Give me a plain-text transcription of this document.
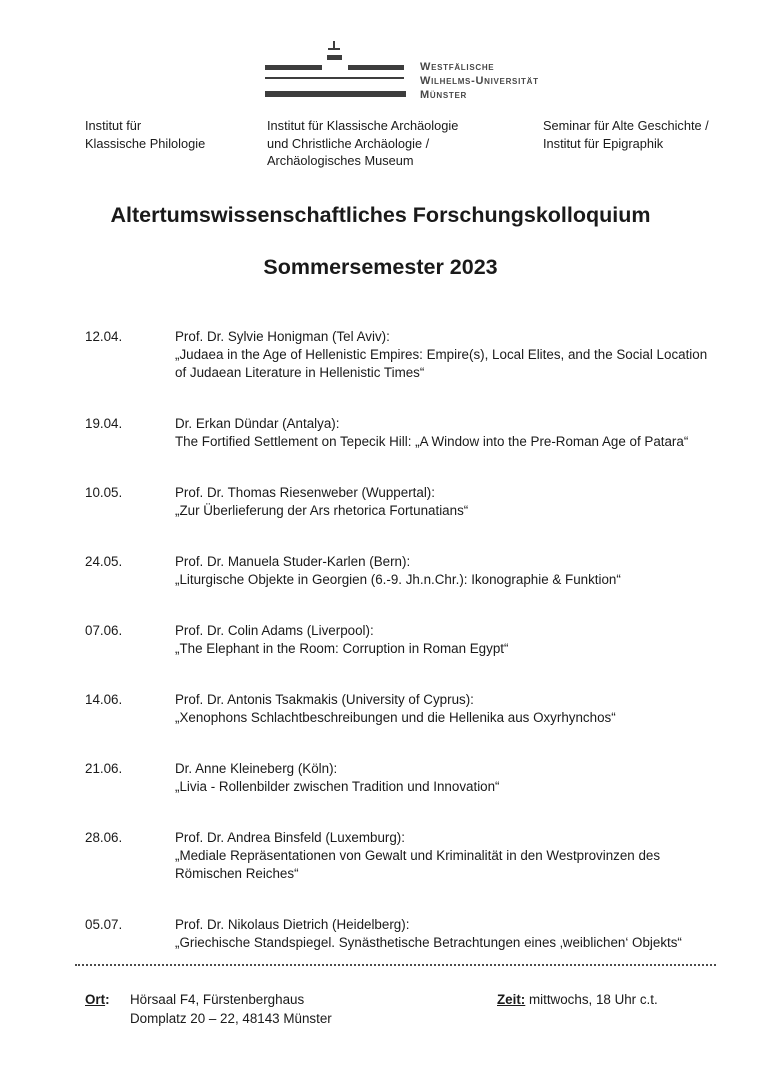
Westfälische
Wilhelms-Universität
Münster
Institut für
Klassische Philologie
Institut für Klassische Archäologie
und Christliche Archäologie /
Archäologisches Museum
Seminar für Alte Geschichte /
Institut für Epigraphik
Altertumswissenschaftliches Forschungskolloquium
Sommersemester 2023
12.04.	Prof. Dr. Sylvie Honigman (Tel Aviv):
„Judaea in the Age of Hellenistic Empires: Empire(s), Local Elites, and the Social Location of Judaean Literature in Hellenistic Times“
19.04.	Dr. Erkan Dündar (Antalya):
The Fortified Settlement on Tepecik Hill: „A Window into the Pre-Roman Age of Patara“
10.05.	Prof. Dr. Thomas Riesenweber (Wuppertal):
„Zur Überlieferung der Ars rhetorica Fortunatians“
24.05.	Prof. Dr. Manuela Studer-Karlen (Bern):
„Liturgische Objekte in Georgien (6.-9. Jh.n.Chr.): Ikonographie & Funktion“
07.06.	Prof. Dr. Colin Adams (Liverpool):
„The Elephant in the Room: Corruption in Roman Egypt“
14.06.	Prof. Dr. Antonis Tsakmakis (University of Cyprus):
„Xenophons Schlachtbeschreibungen und die Hellenika aus Oxyrhynchos“
21.06.	Dr. Anne Kleineberg (Köln):
„Livia - Rollenbilder zwischen Tradition und Innovation“
28.06.	Prof. Dr. Andrea Binsfeld (Luxemburg):
„Mediale Repräsentationen von Gewalt und Kriminalität in den Westprovinzen des Römischen Reiches“
05.07.	Prof. Dr. Nikolaus Dietrich (Heidelberg):
„Griechische Standspiegel. Synästhetische Betrachtungen eines ‚weiblichen‘ Objekts“
Ort: Hörsaal F4, Fürstenberghaus
Domplatz 20 – 22, 48143 Münster
Zeit: mittwochs, 18 Uhr c.t.
